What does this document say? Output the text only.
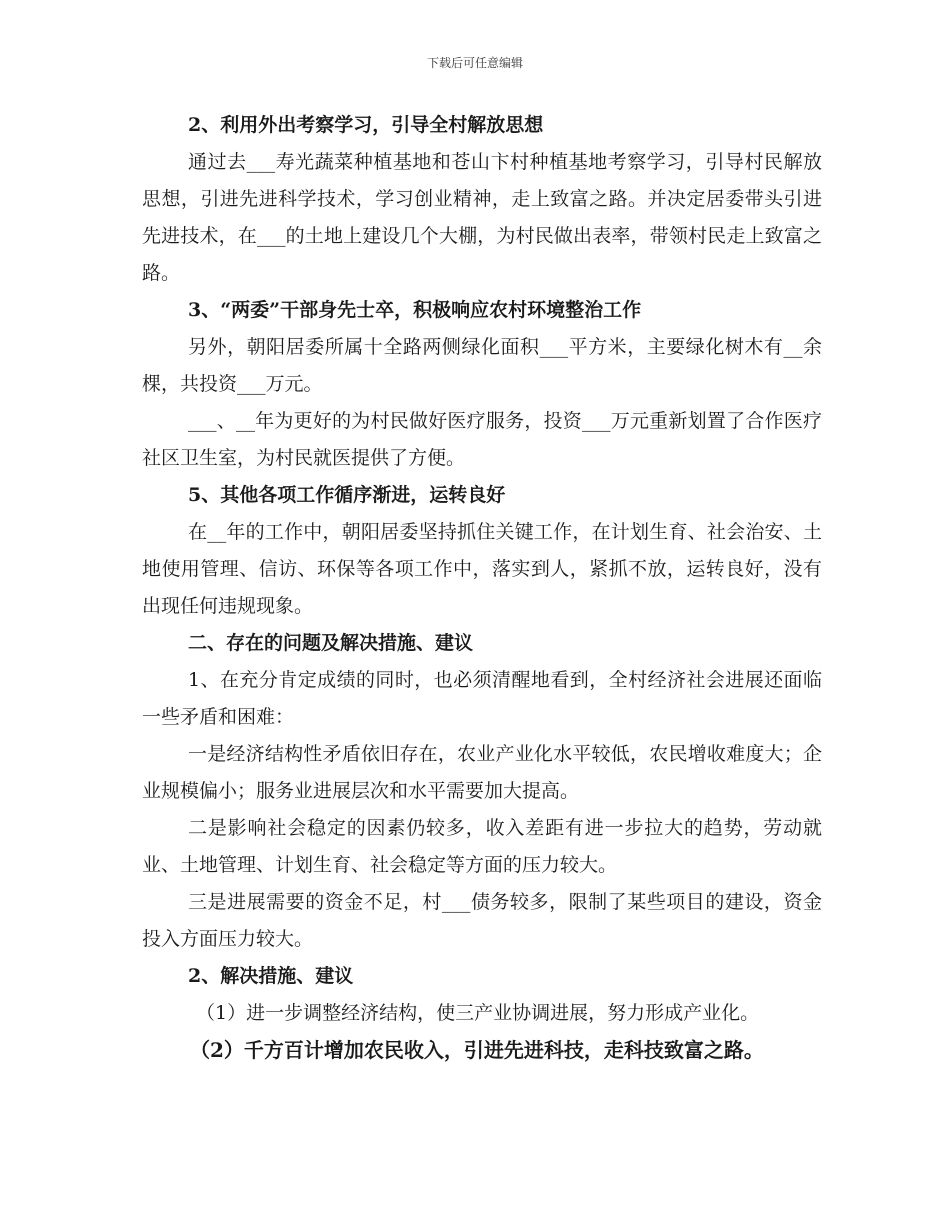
下载后可任意编辑

2、利用外出考察学习，引导全村解放思想

通过去___寿光蔬菜种植基地和苍山卞村种植基地考察学习，引导村民解放思想，引进先进科学技术，学习创业精神，走上致富之路。并决定居委带头引进先进技术，在___的土地上建设几个大棚，为村民做出表率，带领村民走上致富之路。

3、“两委”干部身先士卒，积极响应农村环境整治工作

另外，朝阳居委所属十全路两侧绿化面积___平方米，主要绿化树木有__余棵，共投资___万元。

___、__年为更好的为村民做好医疗服务，投资___万元重新划置了合作医疗社区卫生室，为村民就医提供了方便。

5、其他各项工作循序渐进，运转良好

在__年的工作中，朝阳居委坚持抓住关键工作，在计划生育、社会治安、土地使用管理、信访、环保等各项工作中，落实到人，紧抓不放，运转良好，没有出现任何违规现象。

二、存在的问题及解决措施、建议

1、在充分肯定成绩的同时，也必须清醒地看到，全村经济社会进展还面临一些矛盾和困难：

一是经济结构性矛盾依旧存在，农业产业化水平较低，农民增收难度大；企业规模偏小；服务业进展层次和水平需要加大提高。

二是影响社会稳定的因素仍较多，收入差距有进一步拉大的趋势，劳动就业、土地管理、计划生育、社会稳定等方面的压力较大。

三是进展需要的资金不足，村___债务较多，限制了某些项目的建设，资金投入方面压力较大。

2、解决措施、建议

（1）进一步调整经济结构，使三产业协调进展，努力形成产业化。

（2）千方百计增加农民收入，引进先进科技，走科技致富之路。
